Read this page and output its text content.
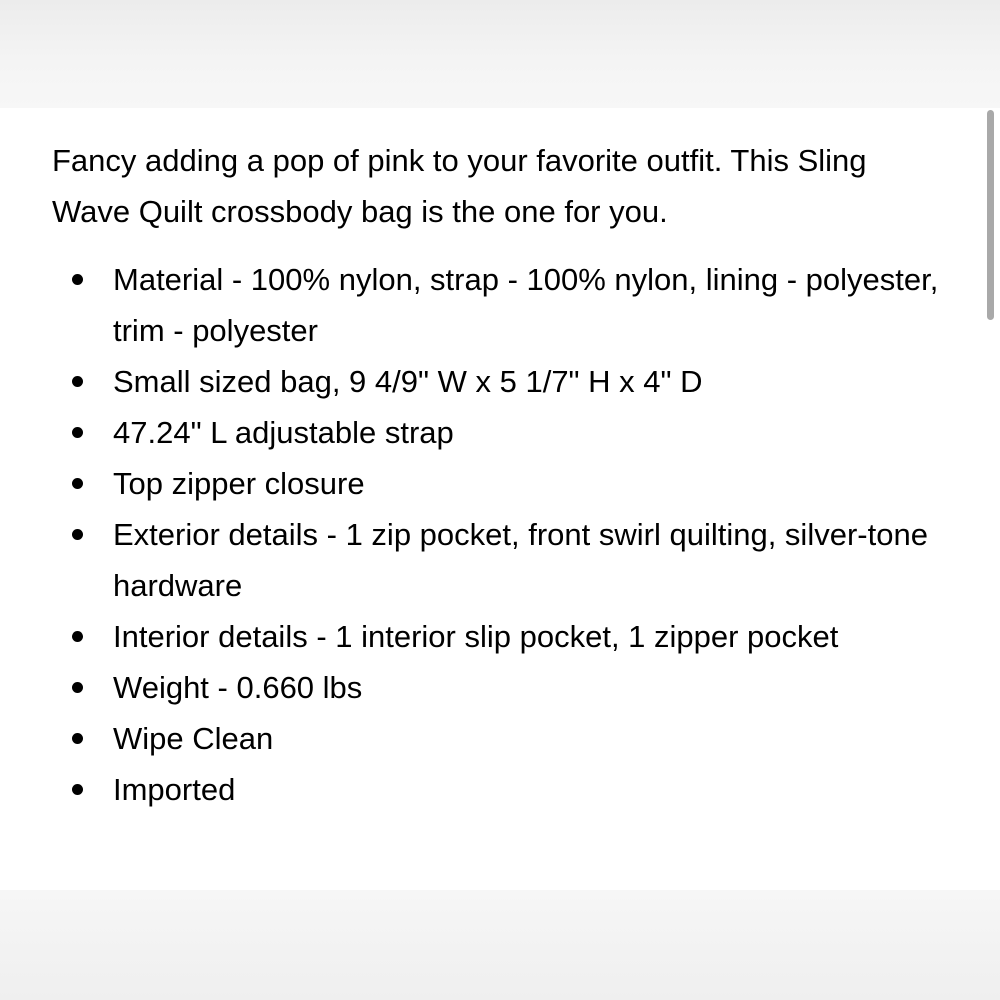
Fancy adding a pop of pink to your favorite outfit. This Sling Wave Quilt crossbody bag is the one for you.

Material - 100% nylon, strap - 100% nylon, lining - polyester, trim - polyester
Small sized bag, 9 4/9" W x 5 1/7" H x 4" D
47.24" L adjustable strap
Top zipper closure
Exterior details - 1 zip pocket, front swirl quilting, silver-tone hardware
Interior details - 1 interior slip pocket, 1 zipper pocket
Weight - 0.660 lbs
Wipe Clean
Imported
